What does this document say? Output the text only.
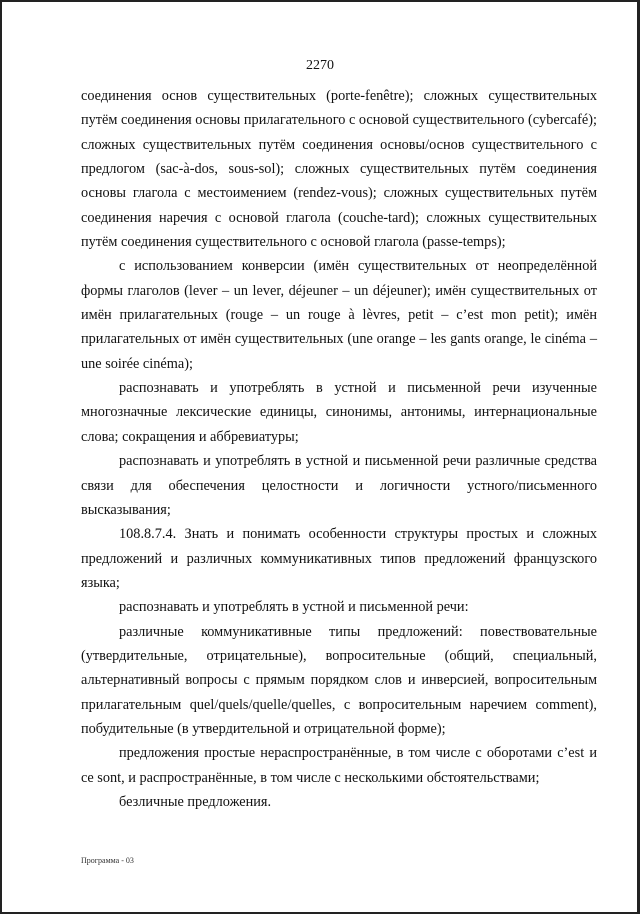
2270

соединения основ существительных (porte-fenêtre); сложных существительных путём соединения основы прилагательного с основой существительного (cybercafé); сложных существительных путём соединения основы/основ существительного с предлогом (sac-à-dos, sous-sol); сложных существительных путём соединения основы глагола с местоимением (rendez-vous); сложных существительных путём соединения наречия с основой глагола (couche-tard); сложных существительных путём соединения существительного с основой глагола (passe-temps);

с использованием конверсии (имён существительных от неопределённой формы глаголов (lever – un lever, déjeuner – un déjeuner); имён существительных от имён прилагательных (rouge – un rouge à lèvres, petit – c’est mon petit); имён прилагательных от имён существительных (une orange – les gants orange, le cinéma – une soirée cinéma);

распознавать и употреблять в устной и письменной речи изученные многозначные лексические единицы, синонимы, антонимы, интернациональные слова; сокращения и аббревиатуры;

распознавать и употреблять в устной и письменной речи различные средства связи для обеспечения целостности и логичности устного/письменного высказывания;

108.8.7.4. Знать и понимать особенности структуры простых и сложных предложений и различных коммуникативных типов предложений французского языка;

распознавать и употреблять в устной и письменной речи:

различные коммуникативные типы предложений: повествовательные (утвердительные, отрицательные), вопросительные (общий, специальный, альтернативный вопросы с прямым порядком слов и инверсией, вопросительным прилагательным quel/quels/quelle/quelles, с вопросительным наречием comment), побудительные (в утвердительной и отрицательной форме);

предложения простые нераспространённые, в том числе с оборотами c’est и ce sont, и распространённые, в том числе с несколькими обстоятельствами;

безличные предложения.

Программа - 03
